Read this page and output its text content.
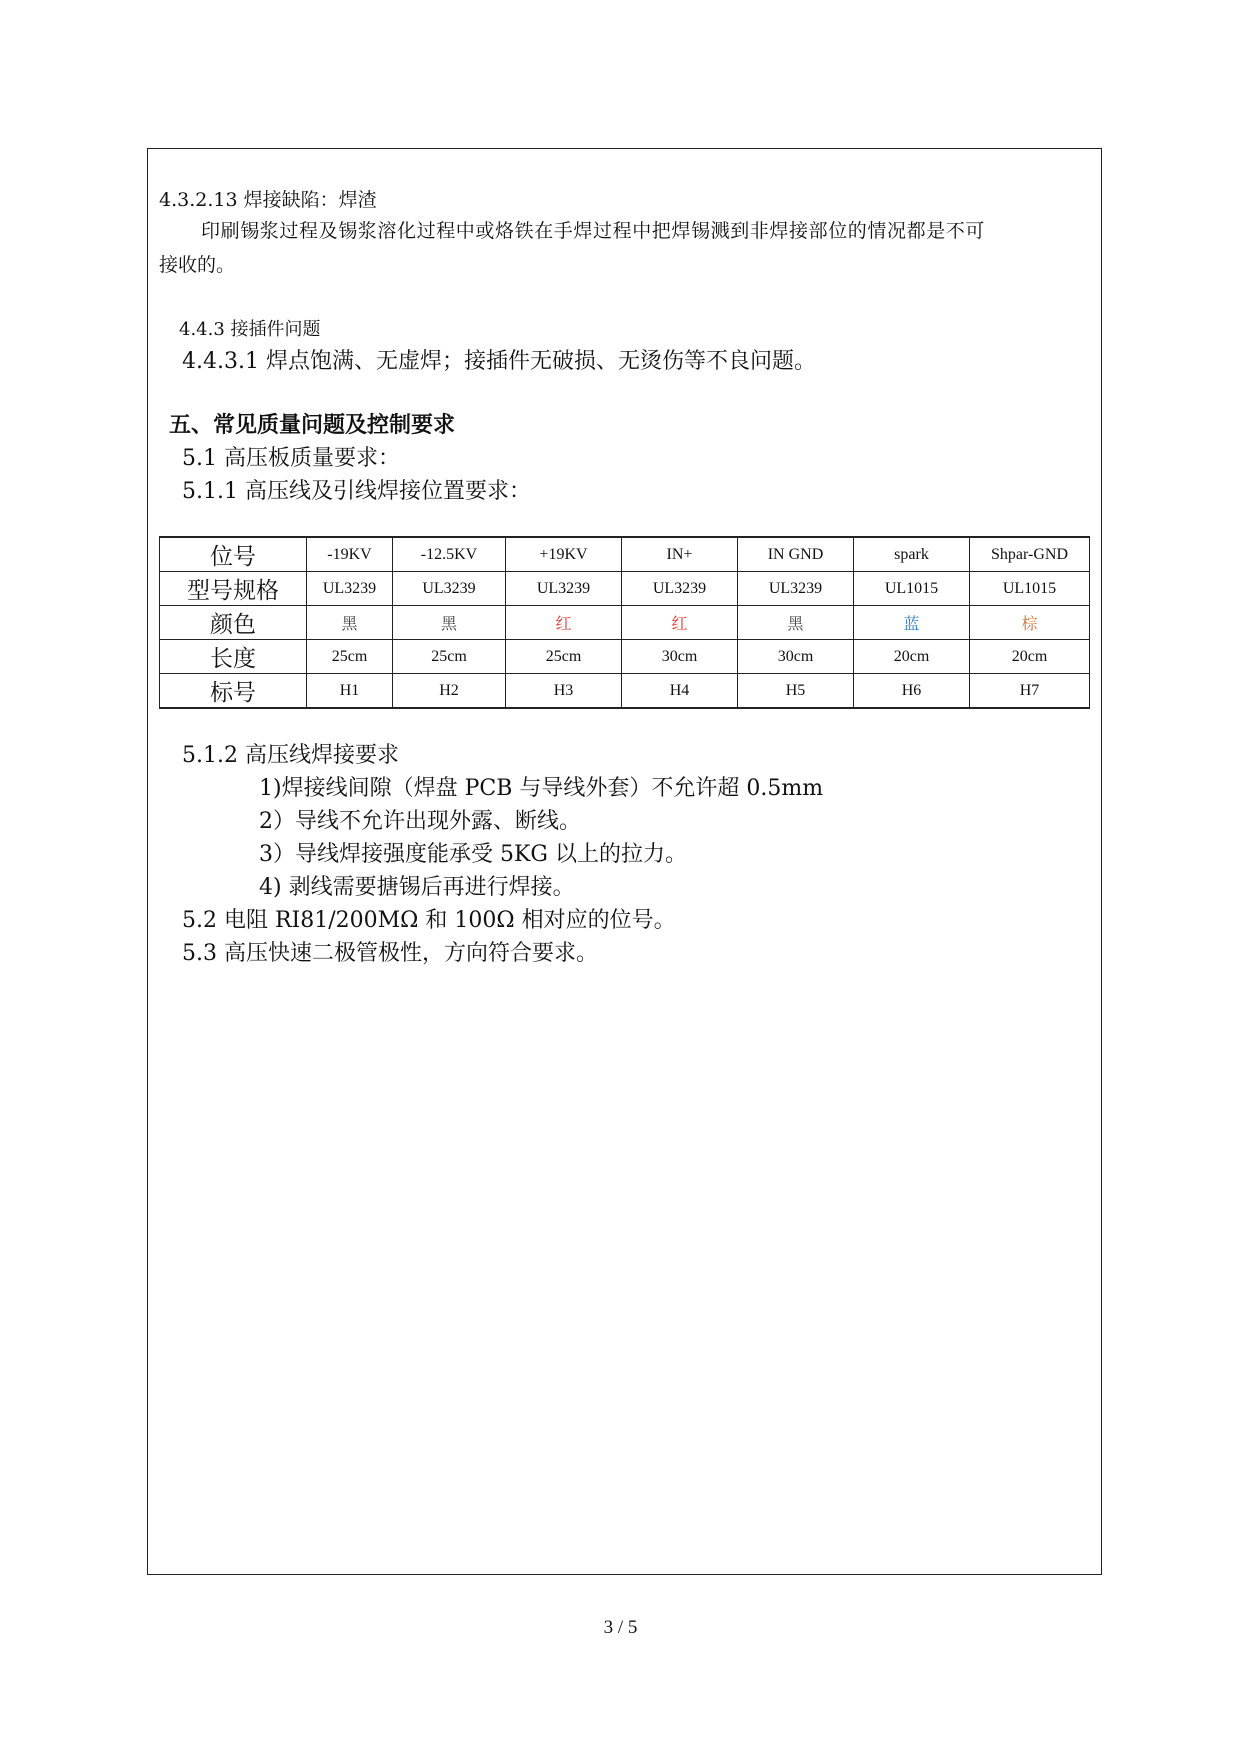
4.3.2.13 焊接缺陷：焊渣
印刷锡浆过程及锡浆溶化过程中或烙铁在手焊过程中把焊锡溅到非焊接部位的情况都是不可
接收的。
4.4.3 接插件问题
4.4.3.1 焊点饱满、无虚焊；接插件无破损、无烫伤等不良问题。
五、常见质量问题及控制要求
5.1 高压板质量要求：
5.1.1 高压线及引线焊接位置要求：
位号	-19KV	-12.5KV	+19KV	IN+	IN GND	spark	Shpar-GND
型号规格	UL3239	UL3239	UL3239	UL3239	UL3239	UL1015	UL1015
颜色	黑	黑	红	红	黑	蓝	棕
长度	25cm	25cm	25cm	30cm	30cm	20cm	20cm
标号	H1	H2	H3	H4	H5	H6	H7
5.1.2 高压线焊接要求
1)焊接线间隙（焊盘 PCB 与导线外套）不允许超 0.5mm
2）导线不允许出现外露、断线。
3）导线焊接强度能承受 5KG 以上的拉力。
4) 剥线需要搪锡后再进行焊接。
5.2 电阻 RI81/200MΩ 和 100Ω 相对应的位号。
5.3 高压快速二极管极性，方向符合要求。
3 / 5
